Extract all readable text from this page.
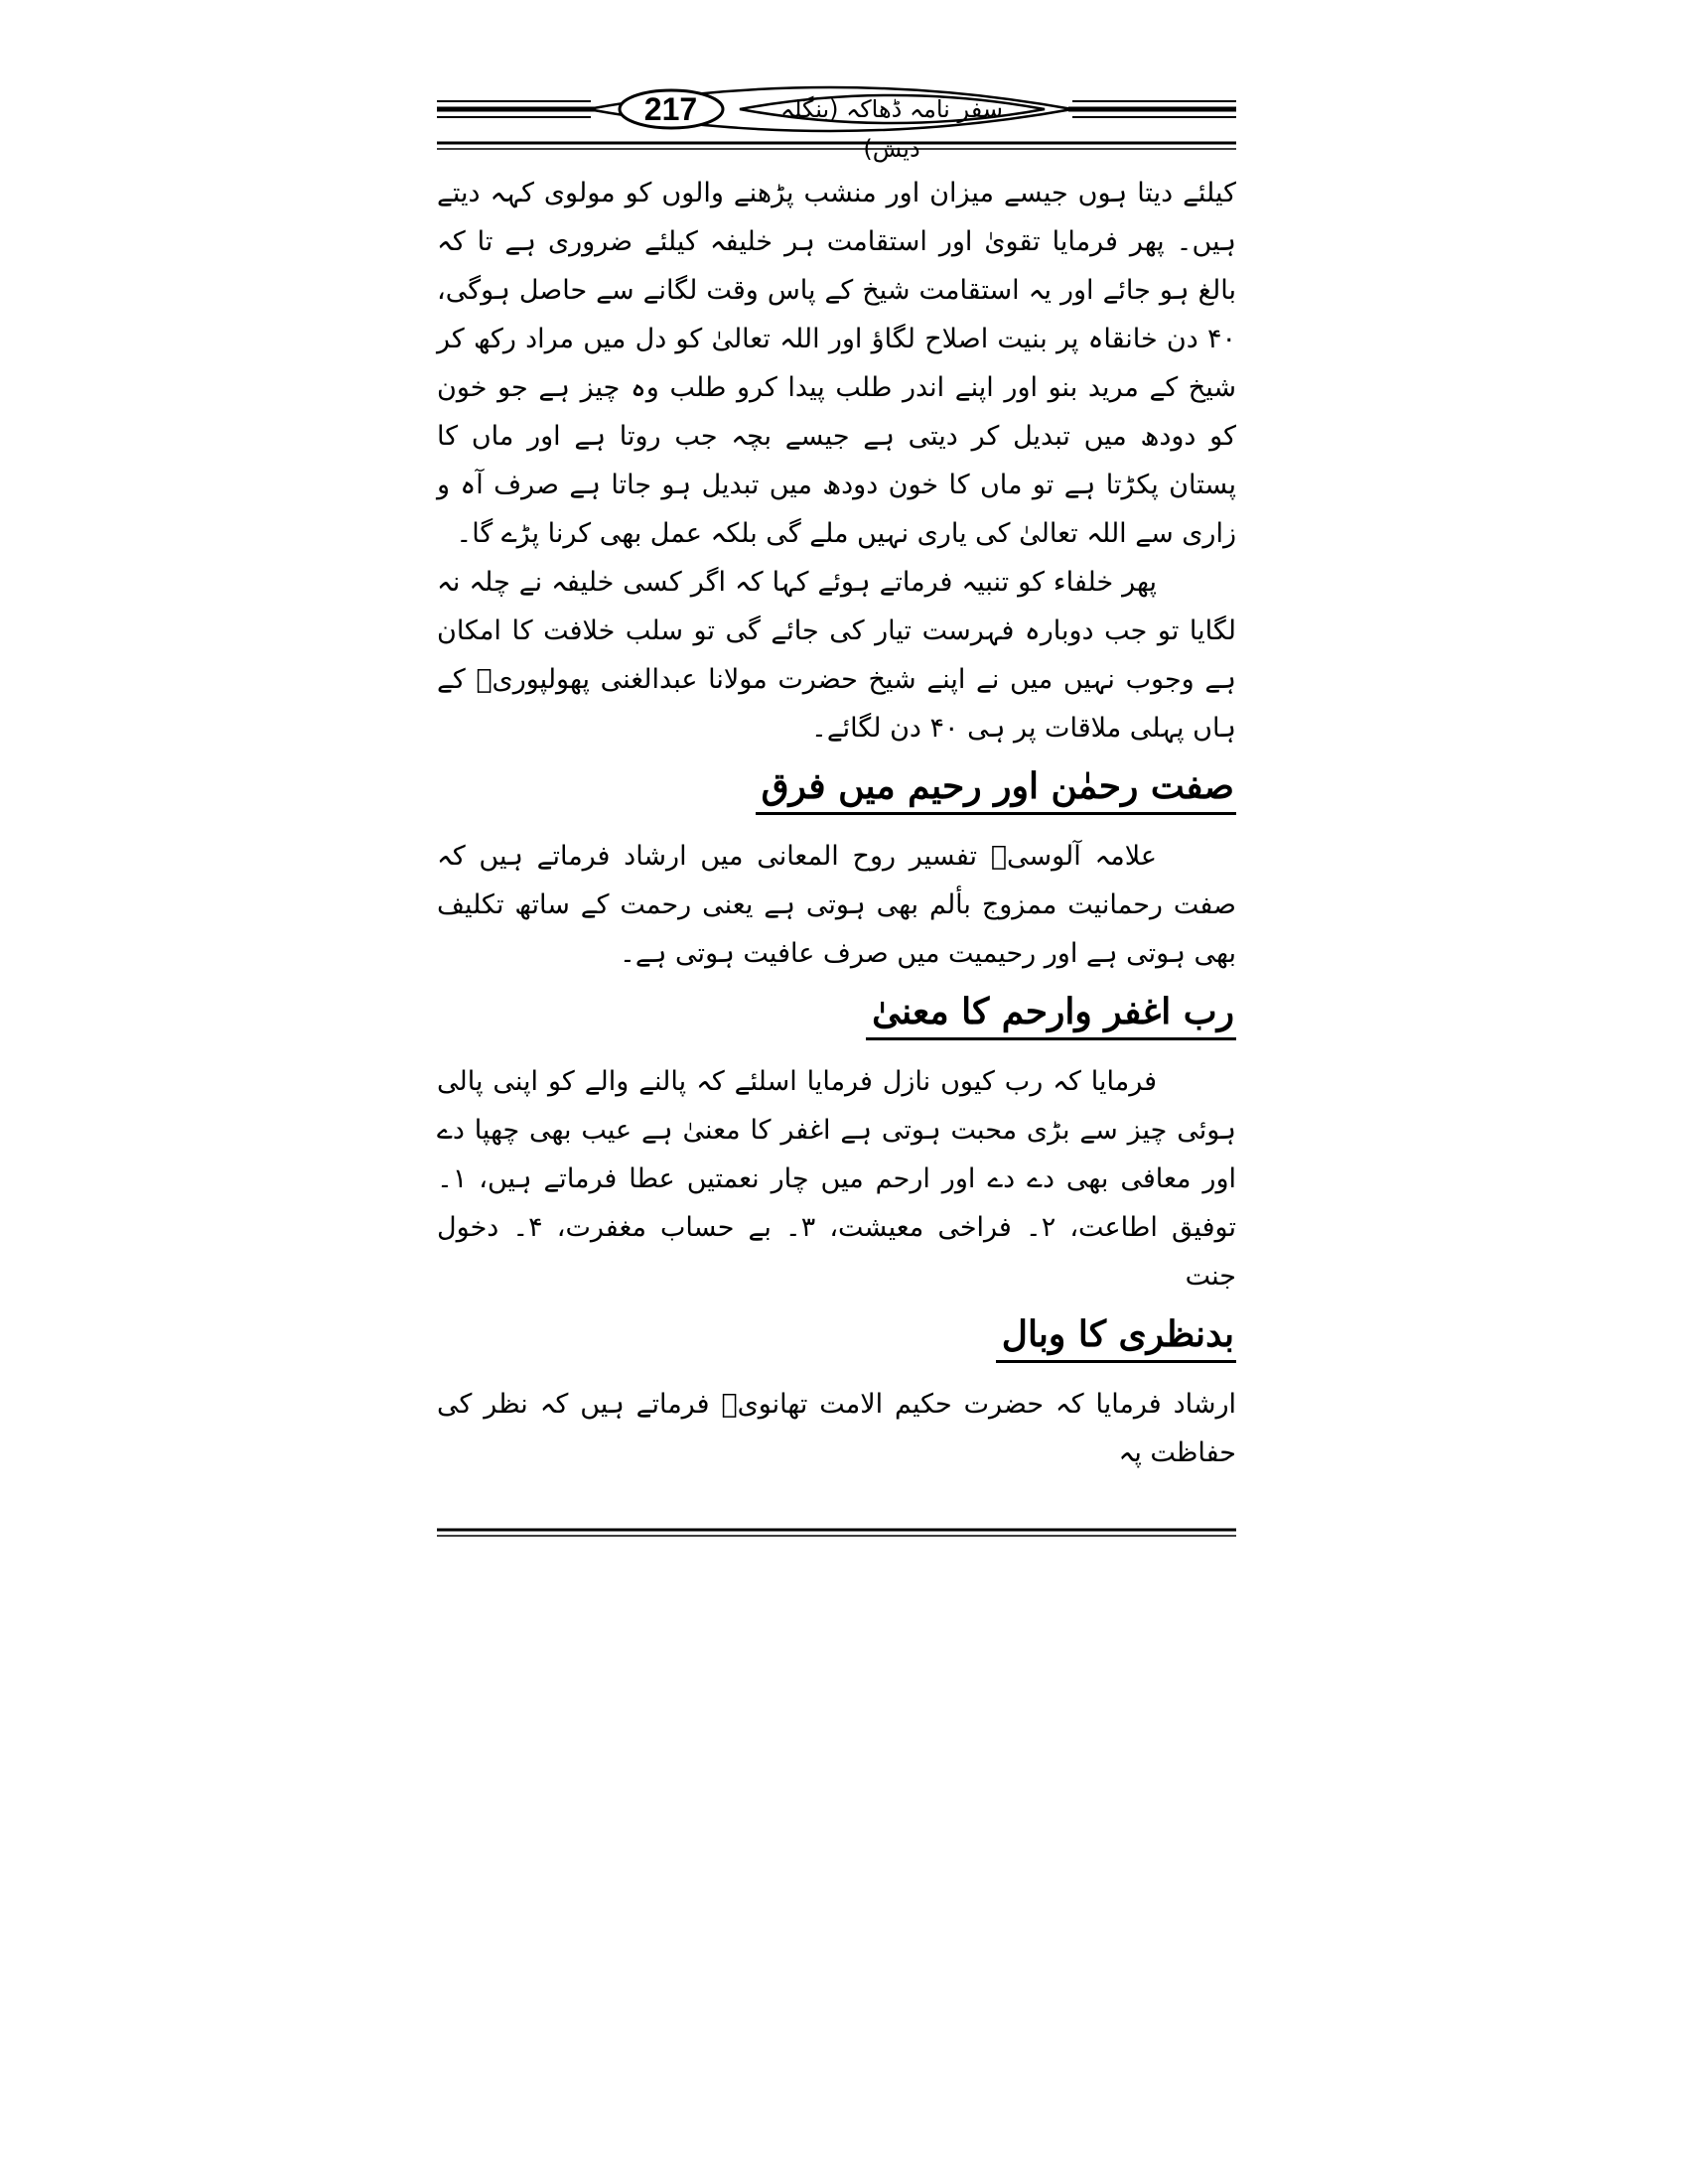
217	سفر نامہ ڈھاکہ (بنگلہ دیش)

کیلئے دیتا ہوں جیسے میزان اور منشب پڑھنے والوں کو مولوی کہہ دیتے ہیں۔ پھر فرمایا تقویٰ اور استقامت ہر خلیفہ کیلئے ضروری ہے تا کہ بالغ ہو جائے اور یہ استقامت شیخ کے پاس وقت لگانے سے حاصل ہوگی، ۴۰ دن خانقاہ پر بنیت اصلاح لگاؤ اور اللہ تعالیٰ کو دل میں مراد رکھ کر شیخ کے مرید بنو اور اپنے اندر طلب پیدا کرو طلب وہ چیز ہے جو خون کو دودھ میں تبدیل کر دیتی ہے جیسے بچہ جب روتا ہے اور ماں کا پستان پکڑتا ہے تو ماں کا خون دودھ میں تبدیل ہو جاتا ہے صرف آہ و زاری سے اللہ تعالیٰ کی یاری نہیں ملے گی بلکہ عمل بھی کرنا پڑے گا۔

پھر خلفاء کو تنبیہ فرماتے ہوئے کہا کہ اگر کسی خلیفہ نے چلہ نہ لگایا تو جب دوبارہ فہرست تیار کی جائے گی تو سلب خلافت کا امکان ہے وجوب نہیں میں نے اپنے شیخ حضرت مولانا عبدالغنی پھولپوریؒ کے ہاں پہلی ملاقات پر ہی ۴۰ دن لگائے۔

صفت رحمٰن اور رحیم میں فرق

علامہ آلوسیؒ تفسیر روح المعانی میں ارشاد فرماتے ہیں کہ صفت رحمانیت ممزوج بألم بھی ہوتی ہے یعنی رحمت کے ساتھ تکلیف بھی ہوتی ہے اور رحیمیت میں صرف عافیت ہوتی ہے۔

رب اغفر وارحم کا معنیٰ

فرمایا کہ رب کیوں نازل فرمایا اسلئے کہ پالنے والے کو اپنی پالی ہوئی چیز سے بڑی محبت ہوتی ہے اغفر کا معنیٰ ہے عیب بھی چھپا دے اور معافی بھی دے دے اور ارحم میں چار نعمتیں عطا فرماتے ہیں، ۱۔ توفیق اطاعت، ۲۔ فراخی معیشت، ۳۔ بے حساب مغفرت، ۴۔ دخول جنت

بدنظری کا وبال

ارشاد فرمایا کہ حضرت حکیم الامت تھانویؒ فرماتے ہیں کہ نظر کی حفاظت پہ
